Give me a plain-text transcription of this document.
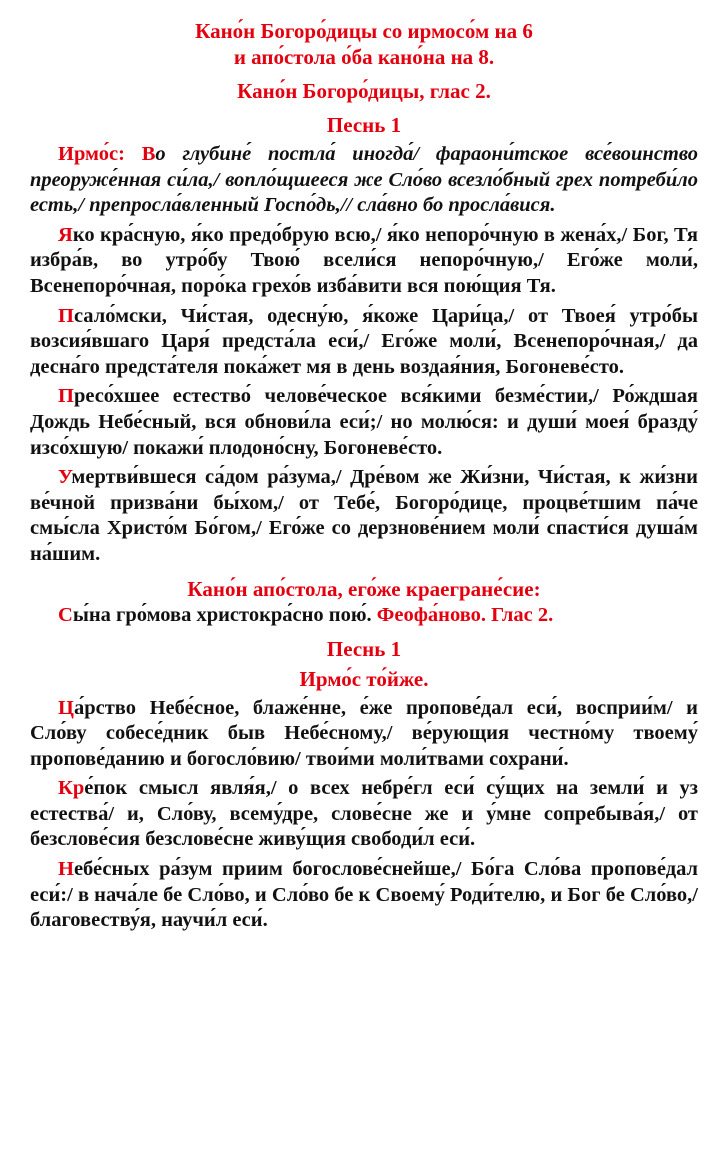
Кано́н Богоро́дицы со ирмосо́м на 6
и апо́стола о́ба кано́на на 8.
Кано́н Богоро́дицы, глас 2.
Песнь 1

Ирмо́с: Во глубине́ постла́ иногда́/ фараони́тское все́воинство преоруже́нная си́ла,/ вопло́щшееся же Сло́во всезло́бный грех потреби́ло есть,/ препросла́вленный Госпо́дь,// сла́вно бо просла́вися.

Яко кра́сную, я́ко предо́брую всю,/ я́ко непоро́чную в жена́х,/ Бог, Тя избра́в, во утро́бу Твою́ всели́ся непоро́чную,/ Его́же моли́, Всенепоро́чная, поро́ка грехо́в изба́вити вся пою́щия Тя.

Псало́мски, Чи́стая, одесну́ю, я́коже Цари́ца,/ от Твоея́ утро́бы возсия́вшаго Царя́ предста́ла еси́,/ Его́же моли́, Всенепоро́чная,/ да десна́го предста́теля пока́жет мя в день воздая́ния, Богоневе́сто.

Пресо́хшее естество́ челове́ческое вся́кими безме́стии,/ Ро́ждшая Дождь Небе́сный, вся обнови́ла еси́;/ но молю́ся: и души́ моея́ бразду́ изсо́хшую/ покажи́ плодоно́сну, Богоневе́сто.

Умертви́вшеся са́дом ра́зума,/ Дре́вом же Жи́зни, Чи́стая, к жи́зни ве́чной призва́ни бы́хом,/ от Тебе́, Богоро́дице, процве́тшим па́че смы́сла Христо́м Бо́гом,/ Его́же со дерзнове́нием моли́ спасти́ся душа́м на́шим.

Кано́н апо́стола, его́же краегране́сие:
Сы́на гро́мова христокра́сно пою́. Феофа́ново. Глас 2.
Песнь 1
Ирмо́с то́йже.

Ца́рство Небе́сное, блаже́нне, е́же пропове́дал еси́, восприи́м/ и Сло́ву собесе́дник быв Небе́сному,/ ве́рующия честно́му твоему́ пропове́данию и богосло́вию/ твои́ми моли́твами сохрани́.

Кре́пок смысл явля́я,/ о всех небре́гл еси́ су́щих на земли́ и уз естества́/ и, Сло́ву, всему́дре, слове́сне же и у́мне сопребыва́я,/ от безслове́сия безслове́сне живу́щия свободи́л еси́.

Небе́сных ра́зум приим богослове́снейше,/ Бо́га Сло́ва пропове́дал еси́:/ в нача́ле бе Сло́во, и Сло́во бе к Своему́ Роди́телю, и Бог бе Сло́во,/ благовеству́я, научи́л еси́.
